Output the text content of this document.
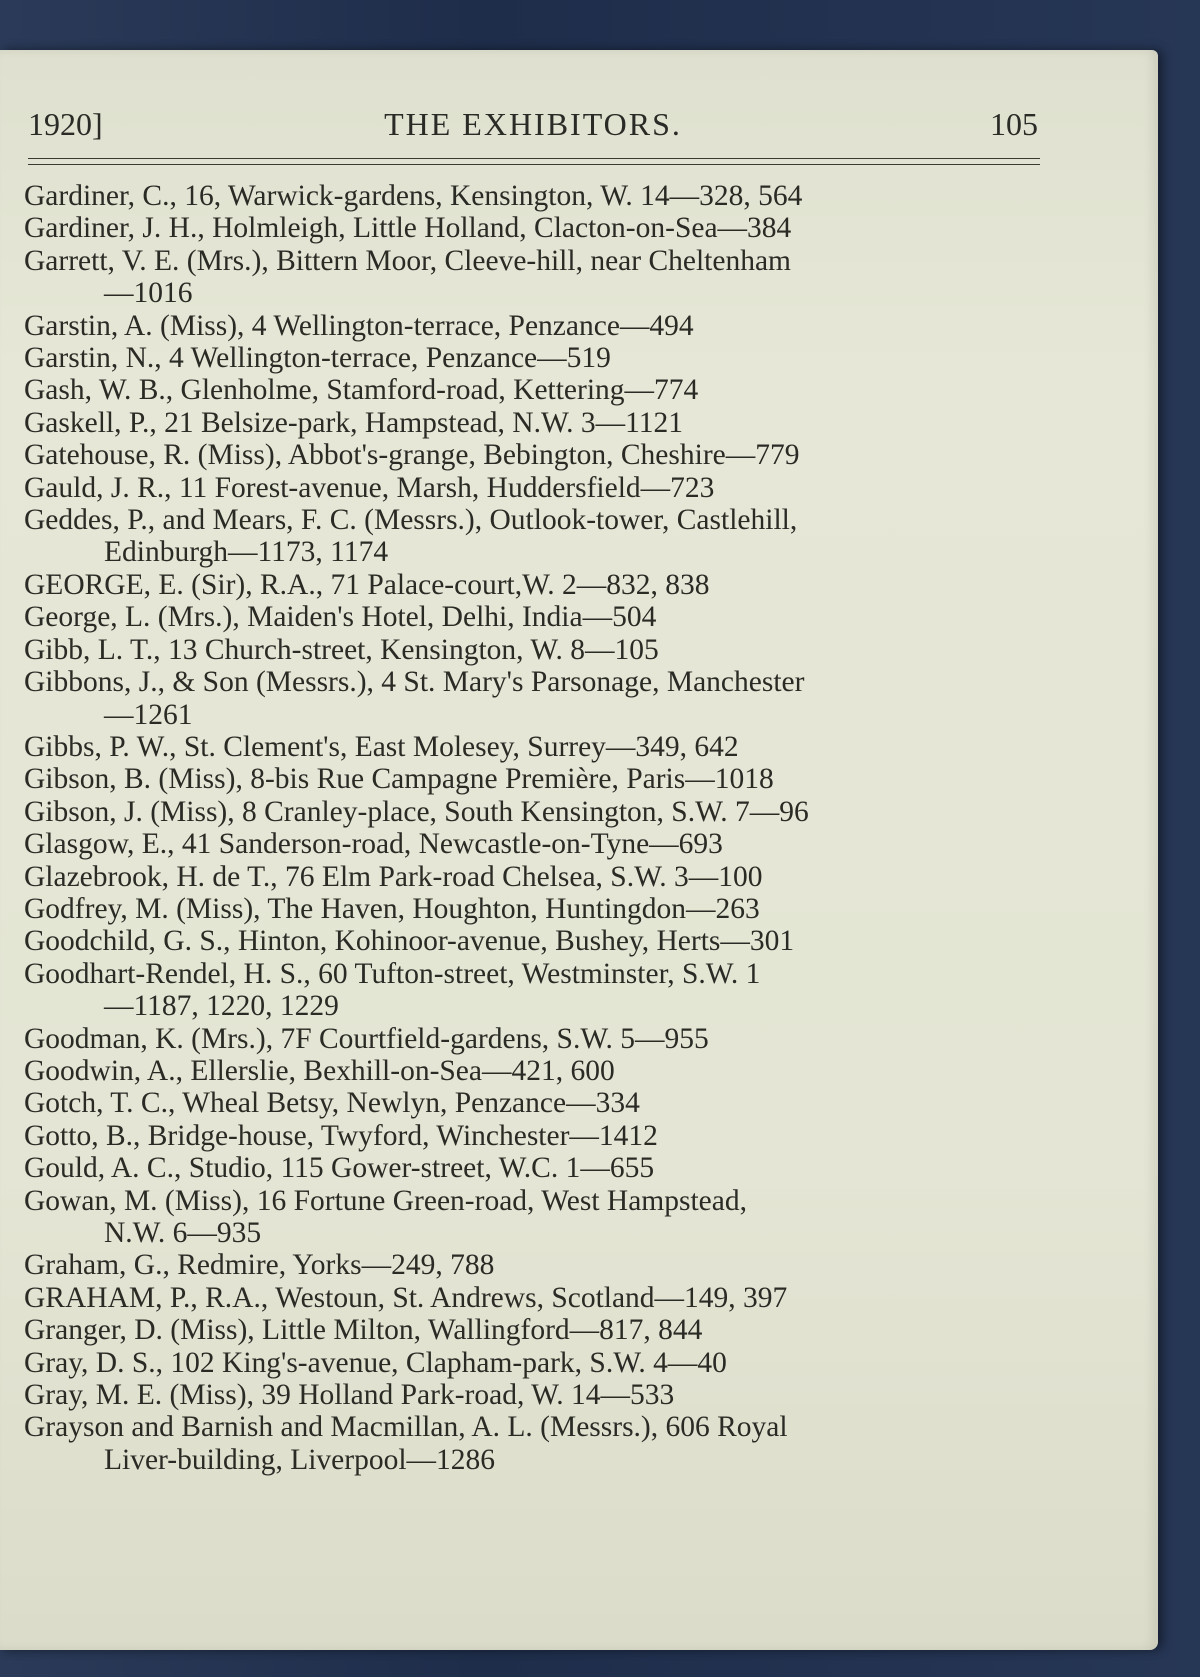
1920]	THE EXHIBITORS.	105
Gardiner, C., 16, Warwick-gardens, Kensington, W. 14—328, 564
Gardiner, J. H., Holmleigh, Little Holland, Clacton-on-Sea—384
Garrett, V. E. (Mrs.), Bittern Moor, Cleeve-hill, near Cheltenham
—1016
Garstin, A. (Miss), 4 Wellington-terrace, Penzance—494
Garstin, N., 4 Wellington-terrace, Penzance—519
Gash, W. B., Glenholme, Stamford-road, Kettering—774
Gaskell, P., 21 Belsize-park, Hampstead, N.W. 3—1121
Gatehouse, R. (Miss), Abbot's-grange, Bebington, Cheshire—779
Gauld, J. R., 11 Forest-avenue, Marsh, Huddersfield—723
Geddes, P., and Mears, F. C. (Messrs.), Outlook-tower, Castlehill,
Edinburgh—1173, 1174
GEORGE, E. (Sir), R.A., 71 Palace-court,W. 2—832, 838
George, L. (Mrs.), Maiden's Hotel, Delhi, India—504
Gibb, L. T., 13 Church-street, Kensington, W. 8—105
Gibbons, J., & Son (Messrs.), 4 St. Mary's Parsonage, Manchester
—1261
Gibbs, P. W., St. Clement's, East Molesey, Surrey—349, 642
Gibson, B. (Miss), 8-bis Rue Campagne Première, Paris—1018
Gibson, J. (Miss), 8 Cranley-place, South Kensington, S.W. 7—96
Glasgow, E., 41 Sanderson-road, Newcastle-on-Tyne—693
Glazebrook, H. de T., 76 Elm Park-road Chelsea, S.W. 3—100
Godfrey, M. (Miss), The Haven, Houghton, Huntingdon—263
Goodchild, G. S., Hinton, Kohinoor-avenue, Bushey, Herts—301
Goodhart-Rendel, H. S., 60 Tufton-street, Westminster, S.W. 1
—1187, 1220, 1229
Goodman, K. (Mrs.), 7F Courtfield-gardens, S.W. 5—955
Goodwin, A., Ellerslie, Bexhill-on-Sea—421, 600
Gotch, T. C., Wheal Betsy, Newlyn, Penzance—334
Gotto, B., Bridge-house, Twyford, Winchester—1412
Gould, A. C., Studio, 115 Gower-street, W.C. 1—655
Gowan, M. (Miss), 16 Fortune Green-road, West Hampstead,
N.W. 6—935
Graham, G., Redmire, Yorks—249, 788
GRAHAM, P., R.A., Westoun, St. Andrews, Scotland—149, 397
Granger, D. (Miss), Little Milton, Wallingford—817, 844
Gray, D. S., 102 King's-avenue, Clapham-park, S.W. 4—40
Gray, M. E. (Miss), 39 Holland Park-road, W. 14—533
Grayson and Barnish and Macmillan, A. L. (Messrs.), 606 Royal
Liver-building, Liverpool—1286
